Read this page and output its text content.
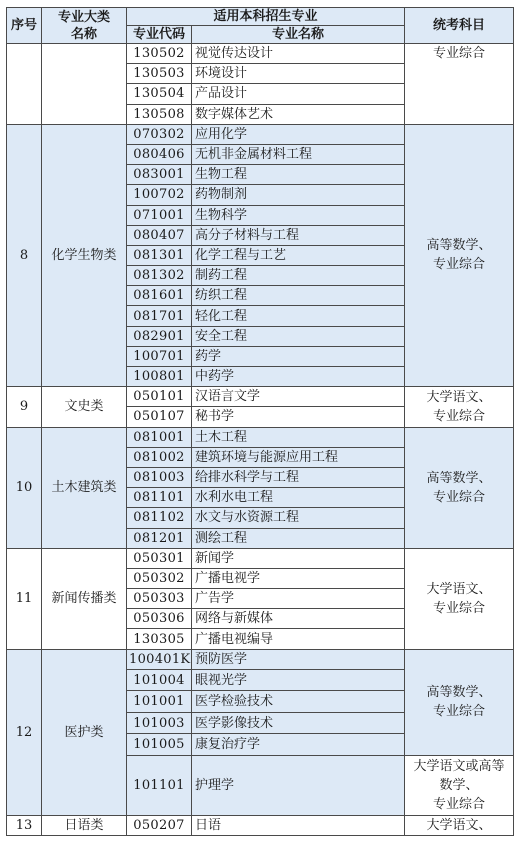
序号	专业大类名称	适用本科招生专业		统考科目
		专业代码	专业名称	
		130502	视觉传达设计	专业综合

		130503	环境设计	
		130504	产品设计	
		130508	数字媒体艺术	
8	化学生物类	070302	应用化学	高等数学、
专业综合

		080406	无机非金属材料工程	
		083001	生物工程	
		100702	药物制剂	
		071001	生物科学	
		080407	高分子材料与工程	
		081301	化学工程与工艺	
		081302	制药工程	
		081601	纺织工程	
		081701	轻化工程	
		082901	安全工程	
		100701	药学	
		100801	中药学	
9	文史类	050101	汉语言文学	大学语文、
专业综合

		050107	秘书学	
10	土木建筑类	081001	土木工程	高等数学、
专业综合

		081002	建筑环境与能源应用工程	
		081003	给排水科学与工程	
		081101	水利水电工程	
		081102	水文与水资源工程	
		081201	测绘工程	
11	新闻传播类	050301	新闻学	大学语文、
专业综合

		050302	广播电视学	
		050303	广告学	
		050306	网络与新媒体	
		130305	广播电视编导	
12	医护类	100401K	预防医学	高等数学、
专业综合

		101004	眼视光学	
		101001	医学检验技术	
		101003	医学影像技术	
		101005	康复治疗学	
		101101	护理学	大学语文或高等
数学、
专业综合

13	日语类	050207	日语	大学语文、
